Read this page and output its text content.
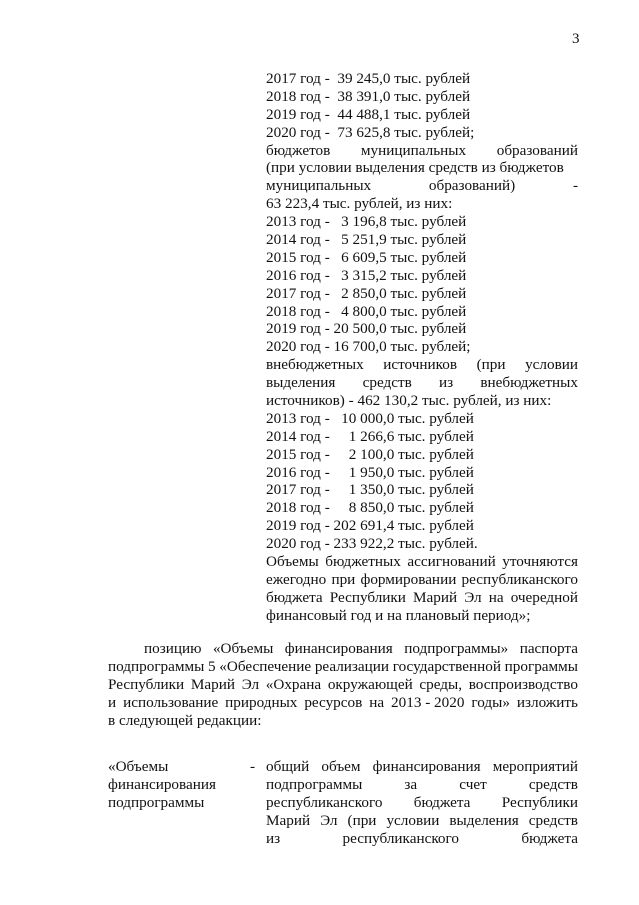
3
2017 год -  39 245,0 тыс. рублей
2018 год -  38 391,0 тыс. рублей
2019 год -  44 488,1 тыс. рублей
2020 год -  73 625,8 тыс. рублей;
бюджетов муниципальных образований
(при условии выделения средств из бюджетов
муниципальных	образований)	-
63 223,4 тыс. рублей, из них:
2013 год -   3 196,8 тыс. рублей
2014 год -   5 251,9 тыс. рублей
2015 год -   6 609,5 тыс. рублей
2016 год -   3 315,2 тыс. рублей
2017 год -   2 850,0 тыс. рублей
2018 год -   4 800,0 тыс. рублей
2019 год - 20 500,0 тыс. рублей
2020 год - 16 700,0 тыс. рублей;
внебюджетных источников (при условии
выделения средств из внебюджетных
источников) - 462 130,2 тыс. рублей, из них:
2013 год -   10 000,0 тыс. рублей
2014 год -     1 266,6 тыс. рублей
2015 год -     2 100,0 тыс. рублей
2016 год -     1 950,0 тыс. рублей
2017 год -     1 350,0 тыс. рублей
2018 год -     8 850,0 тыс. рублей
2019 год - 202 691,4 тыс. рублей
2020 год - 233 922,2 тыс. рублей.
Объемы бюджетных ассигнований уточняются
ежегодно при формировании республиканского
бюджета Республики Марий Эл на очередной
финансовый год и на плановый период»;
позицию «Объемы финансирования подпрограммы» паспорта
подпрограммы 5 «Обеспечение реализации государственной программы
Республики Марий Эл «Охрана окружающей среды, воспроизводство
и использование природных ресурсов на 2013 - 2020 годы» изложить
в следующей редакции:
«Объемы	- общий объем финансирования мероприятий
финансирования	подпрограммы	за	счет	средств
подпрограммы	республиканского бюджета Республики
Марий Эл (при условии выделения средств
из	республиканского	бюджета
